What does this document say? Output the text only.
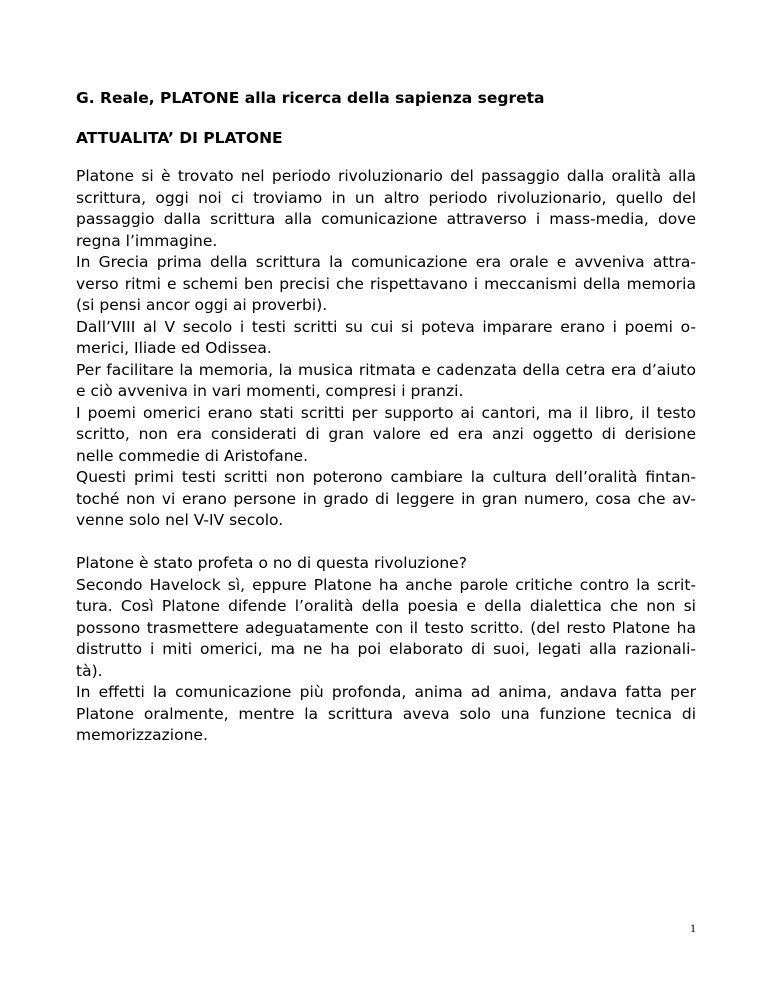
G. Reale, PLATONE alla ricerca della sapienza segreta
ATTUALITA’ DI PLATONE
Platone si è trovato nel periodo rivoluzionario del passaggio dalla oralità alla
scrittura, oggi noi ci troviamo in un altro periodo rivoluzionario, quello del
passaggio dalla scrittura alla comunicazione attraverso i mass-media, dove
regna l’immagine.
In Grecia prima della scrittura la comunicazione era orale e avveniva attra-
verso ritmi e schemi ben precisi che rispettavano i meccanismi della memoria
(si pensi ancor oggi ai proverbi).
Dall’VIII al V secolo i testi scritti su cui si poteva imparare erano i poemi o-
merici, Iliade ed Odissea.
Per facilitare la memoria, la musica ritmata e cadenzata della cetra era d’aiuto
e ciò avveniva in vari momenti, compresi i pranzi.
I poemi omerici erano stati scritti per supporto ai cantori, ma il libro, il testo
scritto, non era considerati di gran valore ed era anzi oggetto di derisione
nelle commedie di Aristofane.
Questi primi testi scritti non poterono cambiare la cultura dell’oralità fintan-
toché non vi erano persone in grado di leggere in gran numero, cosa che av-
venne solo nel V-IV secolo.
Platone è stato profeta o no di questa rivoluzione?
Secondo Havelock sì, eppure Platone ha anche parole critiche contro la scrit-
tura. Così Platone difende l’oralità della poesia e della dialettica che non si
possono trasmettere adeguatamente con il testo scritto. (del resto Platone ha
distrutto i miti omerici, ma ne ha poi elaborato di suoi, legati alla razionali-
tà).
In effetti la comunicazione più profonda, anima ad anima, andava fatta per
Platone oralmente, mentre la scrittura aveva solo una funzione tecnica di
memorizzazione.
1
